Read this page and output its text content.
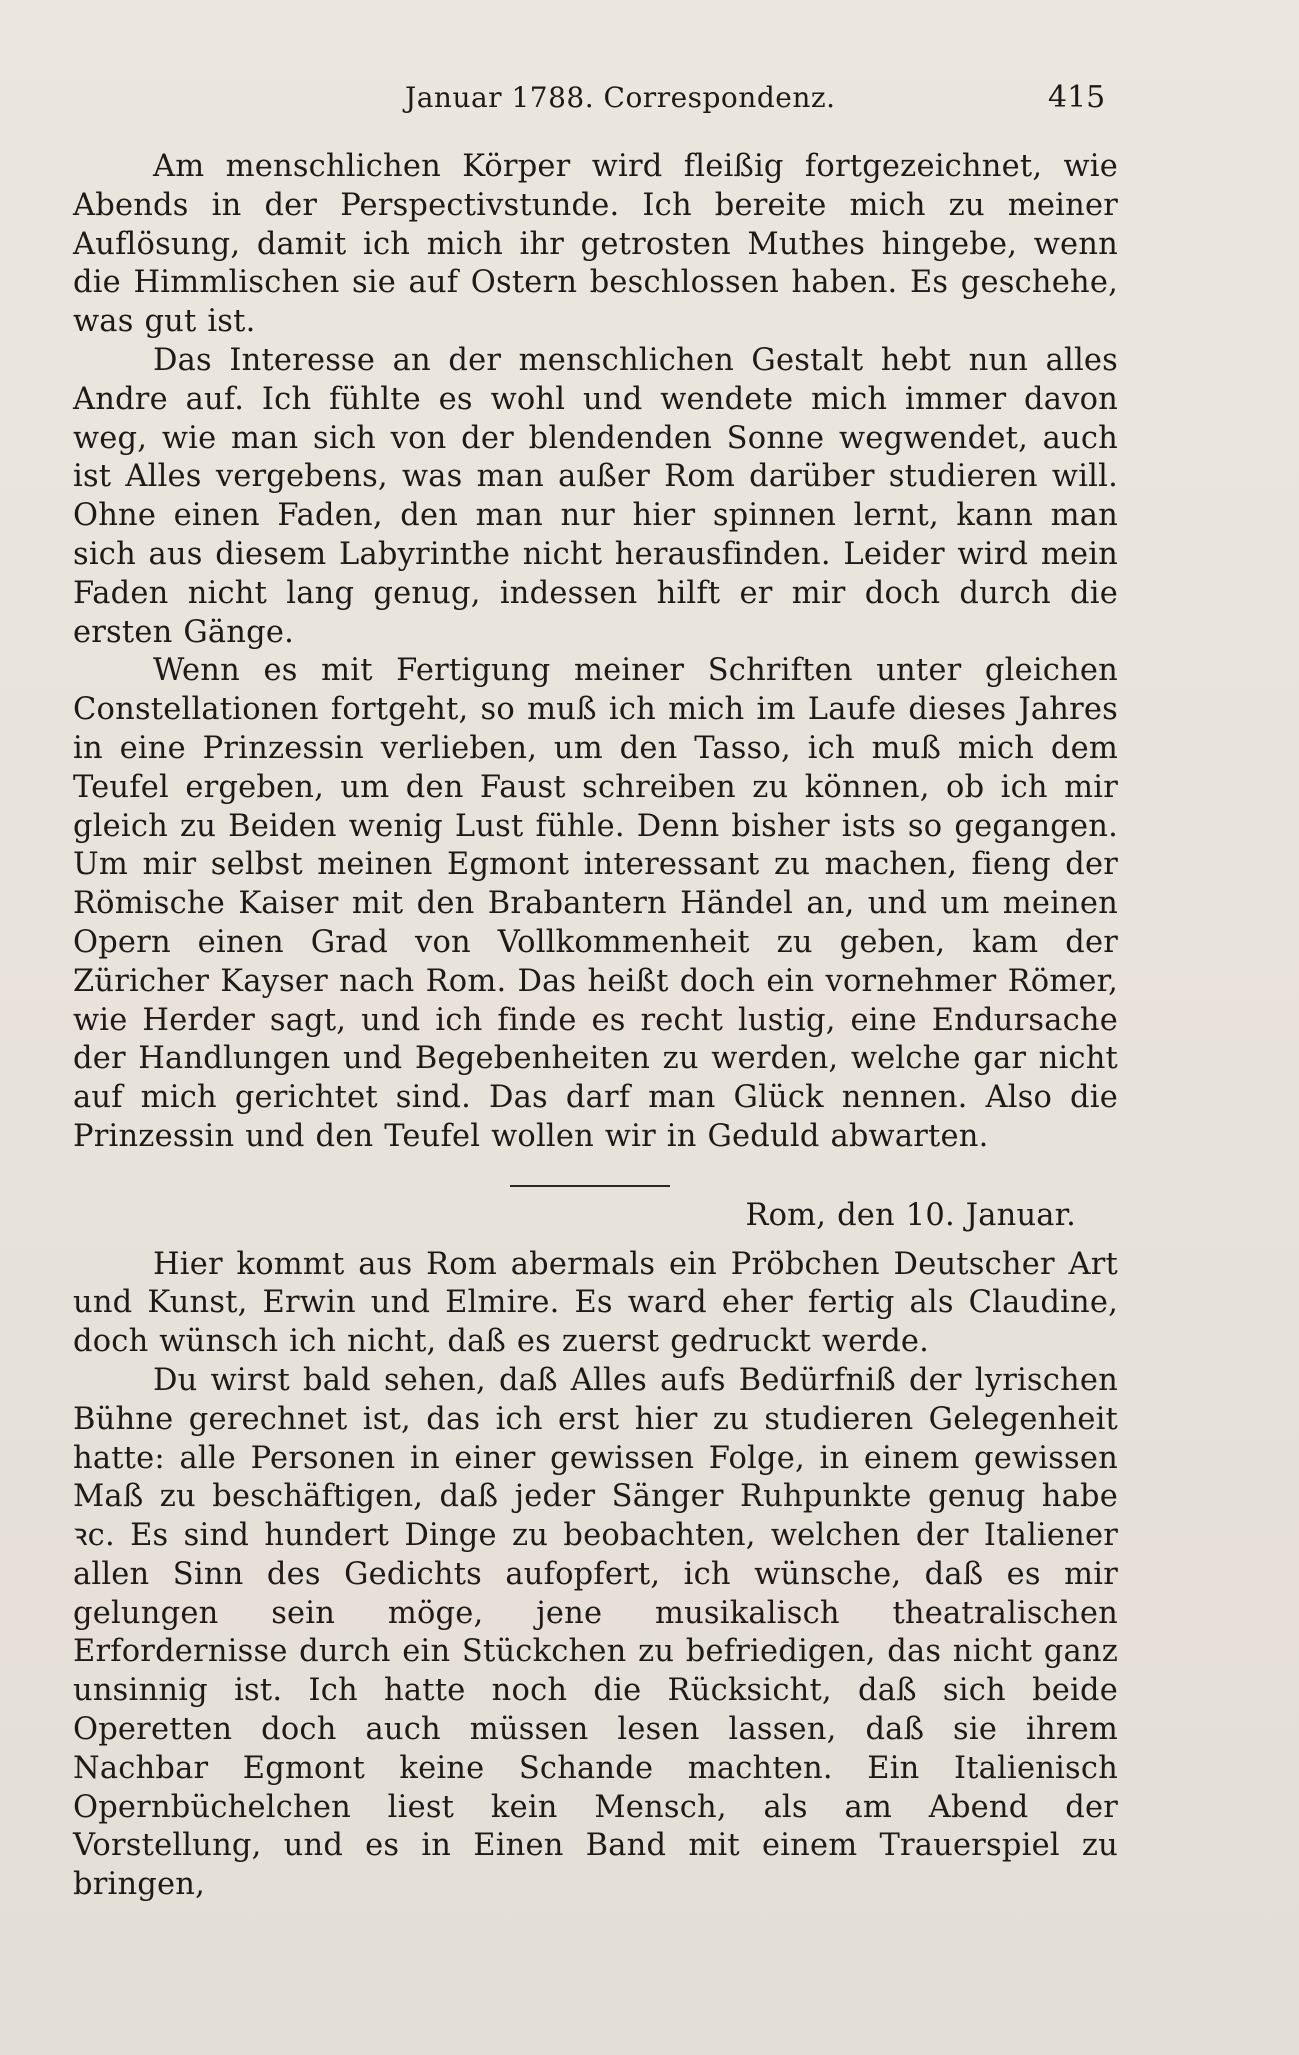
Januar 1788. Correspondenz.	415

Am menschlichen Körper wird fleißig fortgezeichnet, wie Abends in der Perspectivstunde. Ich bereite mich zu meiner Auflösung, damit ich mich ihr getrosten Muthes hingebe, wenn die Himmlischen sie auf Ostern beschlossen haben. Es geschehe, was gut ist.

Das Interesse an der menschlichen Gestalt hebt nun alles Andre auf. Ich fühlte es wohl und wendete mich immer davon weg, wie man sich von der blendenden Sonne wegwendet, auch ist Alles vergebens, was man außer Rom darüber studieren will. Ohne einen Faden, den man nur hier spinnen lernt, kann man sich aus diesem Labyrinthe nicht herausfinden. Leider wird mein Faden nicht lang genug, indessen hilft er mir doch durch die ersten Gänge.

Wenn es mit Fertigung meiner Schriften unter gleichen Constellationen fortgeht, so muß ich mich im Laufe dieses Jahres in eine Prinzessin verlieben, um den Tasso, ich muß mich dem Teufel ergeben, um den Faust schreiben zu können, ob ich mir gleich zu Beiden wenig Lust fühle. Denn bisher ists so gegangen. Um mir selbst meinen Egmont interessant zu machen, fieng der Römische Kaiser mit den Brabantern Händel an, und um meinen Opern einen Grad von Vollkommenheit zu geben, kam der Züricher Kayser nach Rom. Das heißt doch ein vornehmer Römer, wie Herder sagt, und ich finde es recht lustig, eine Endursache der Handlungen und Begebenheiten zu werden, welche gar nicht auf mich gerichtet sind. Das darf man Glück nennen. Also die Prinzessin und den Teufel wollen wir in Geduld abwarten.

Rom, den 10. Januar.

Hier kommt aus Rom abermals ein Pröbchen Deutscher Art und Kunst, Erwin und Elmire. Es ward eher fertig als Claudine, doch wünsch ich nicht, daß es zuerst gedruckt werde.

Du wirst bald sehen, daß Alles aufs Bedürfniß der lyrischen Bühne gerechnet ist, das ich erst hier zu studieren Gelegenheit hatte: alle Personen in einer gewissen Folge, in einem gewissen Maß zu beschäftigen, daß jeder Sänger Ruhpunkte genug habe ꝛc. Es sind hundert Dinge zu beobachten, welchen der Italiener allen Sinn des Gedichts aufopfert, ich wünsche, daß es mir gelungen sein möge, jene musikalisch theatralischen Erfordernisse durch ein Stückchen zu befriedigen, das nicht ganz unsinnig ist. Ich hatte noch die Rücksicht, daß sich beide Operetten doch auch müssen lesen lassen, daß sie ihrem Nachbar Egmont keine Schande machten. Ein Italienisch Opernbüchelchen liest kein Mensch, als am Abend der Vorstellung, und es in Einen Band mit einem Trauerspiel zu bringen,
